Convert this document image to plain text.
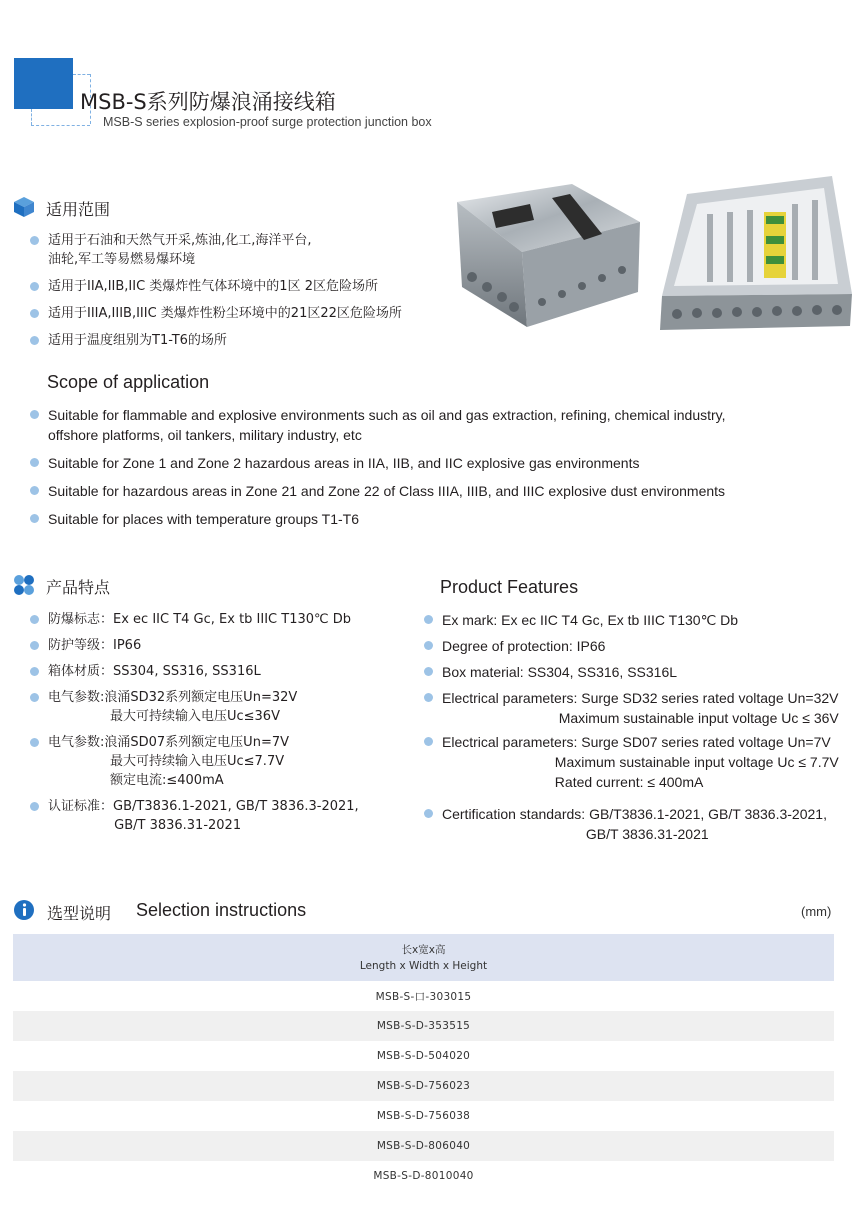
MSB-S系列防爆浪涌接线箱
MSB-S series explosion-proof surge protection junction box
适用范围
适用于石油和天然气开采,炼油,化工,海洋平台,
油轮,军工等易燃易爆环境
适用于IIA,IIB,IIC 类爆炸性气体环境中的1区 2区危险场所
适用于IIIA,IIIB,IIIC 类爆炸性粉尘环境中的21区22区危险场所
适用于温度组别为T1-T6的场所
Scope of application
Suitable for flammable and explosive environments such as oil and gas extraction, refining, chemical industry,
offshore platforms, oil tankers, military industry, etc
Suitable for Zone 1 and Zone 2 hazardous areas in IIA, IIB, and IIC explosive gas environments
Suitable for hazardous areas in Zone 21 and Zone 22 of Class IIIA, IIIB, and IIIC explosive dust environments
Suitable for places with temperature groups T1-T6
产品特点
防爆标志：Ex ec IIC T4 Gc, Ex tb IIIC T130℃ Db
防护等级：IP66
箱体材质：SS304, SS316, SS316L
电气参数:浪涌SD32系列额定电压Un=32V
最大可持续输入电压Uc≤36V
电气参数:浪涌SD07系列额定电压Un=7V
最大可持续输入电压Uc≤7.7V
额定电流:≤400mA
认证标准：GB/T3836.1-2021, GB/T 3836.3-2021,
GB/T 3836.31-2021
Product Features
Ex mark: Ex ec IIC T4 Gc, Ex tb IIIC T130℃ Db
Degree of protection: IP66
Box material: SS304, SS316, SS316L
Electrical parameters: Surge SD32 series rated voltage Un=32V
Maximum sustainable input voltage Uc ≤ 36V
Electrical parameters: Surge SD07 series rated voltage Un=7V
Maximum sustainable input voltage Uc ≤ 7.7V
Rated current: ≤ 400mA
Certification standards: GB/T3836.1-2021, GB/T 3836.3-2021,
GB/T 3836.31-2021
选型说明 Selection instructions	(mm)
长x宽x高
Length x Width x Height

MSB-S-口-303015
MSB-S-D-353515
MSB-S-D-504020
MSB-S-D-756023
MSB-S-D-756038
MSB-S-D-806040
MSB-S-D-8010040
